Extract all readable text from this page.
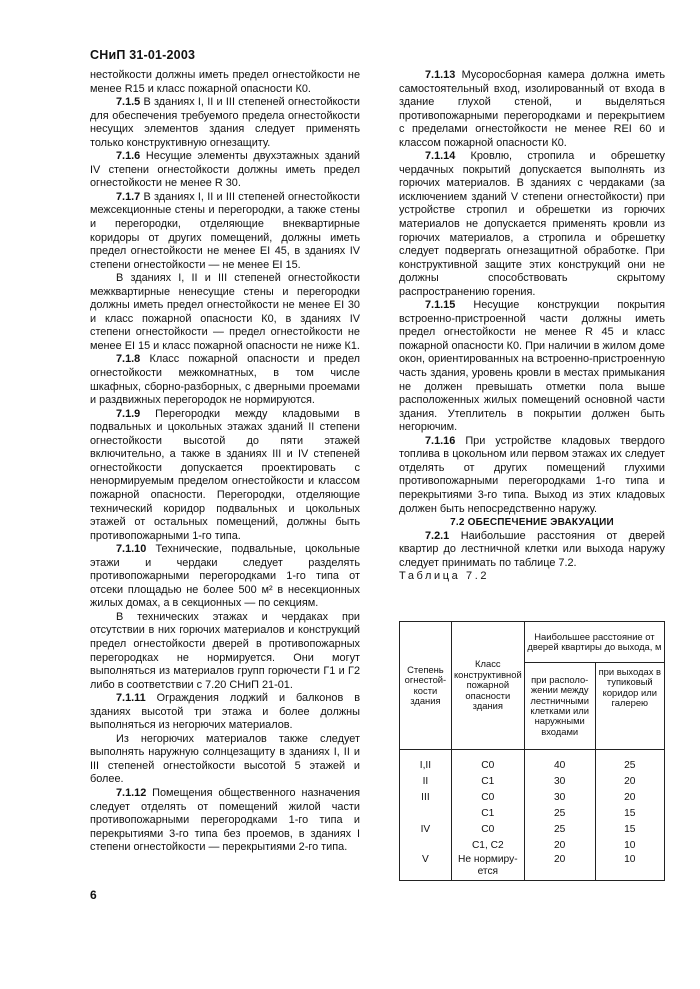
СНиП 31-01-2003

нестойкости должны иметь предел огнестойкости не менее R15 и класс пожарной опасности К0.

7.1.5 В зданиях I, II и III степеней огнестойкости для обеспечения требуемого предела огнестойкости несущих элементов здания следует применять только конструктивную огнезащиту.

7.1.6 Несущие элементы двухэтажных зданий IV степени огнестойкости должны иметь предел огнестойкости не менее R 30.

7.1.7 В зданиях I, II и III степеней огнестойкости межсекционные стены и перегородки, а также стены и перегородки, отделяющие внеквартирные коридоры от других помещений, должны иметь предел огнестойкости не менее EI 45, в зданиях IV степени огнестойкости — не менее EI 15.

В зданиях I, II и III степеней огнестойкости межквартирные ненесущие стены и перегородки должны иметь предел огнестойкости не менее EI 30 и класс пожарной опасности К0, в зданиях IV степени огнестойкости — предел огнестойкости не менее EI 15 и класс пожарной опасности не ниже К1.

7.1.8 Класс пожарной опасности и предел огнестойкости межкомнатных, в том числе шкафных, сборно-разборных, с дверными проемами и раздвижных перегородок не нормируются.

7.1.9 Перегородки между кладовыми в подвальных и цокольных этажах зданий II степени огнестойкости высотой до пяти этажей включительно, а также в зданиях III и IV степеней огнестойкости допускается проектировать с ненормируемым пределом огнестойкости и классом пожарной опасности. Перегородки, отделяющие технический коридор подвальных и цокольных этажей от остальных помещений, должны быть противопожарными 1-го типа.

7.1.10 Технические, подвальные, цокольные этажи и чердаки следует разделять противопожарными перегородками 1-го типа от отсеки площадью не более 500 м² в несекционных жилых домах, а в секционных — по секциям.

В технических этажах и чердаках при отсутствии в них горючих материалов и конструкций предел огнестойкости дверей в противопожарных перегородках не нормируется. Они могут выполняться из материалов групп горючести Г1 и Г2 либо в соответствии с 7.20 СНиП 21-01.

7.1.11 Ограждения лоджий и балконов в зданиях высотой три этажа и более должны выполняться из негорючих материалов.

Из негорючих материалов также следует выполнять наружную солнцезащиту в зданиях I, II и III степеней огнестойкости высотой 5 этажей и более.

7.1.12 Помещения общественного назначения следует отделять от помещений жилой части противопожарными перегородками 1-го типа и перекрытиями 3-го типа без проемов, в зданиях I степени огнестойкости — перекрытиями 2-го типа.

7.1.13 Мусоросборная камера должна иметь самостоятельный вход, изолированный от входа в здание глухой стеной, и выделяться противопожарными перегородками и перекрытием с пределами огнестойкости не менее REI 60 и классом пожарной опасности К0.

7.1.14 Кровлю, стропила и обрешетку чердачных покрытий допускается выполнять из горючих материалов. В зданиях с чердаками (за исключением зданий V степени огнестойкости) при устройстве стропил и обрешетки из горючих материалов не допускается применять кровли из горючих материалов, а стропила и обрешетку следует подвергать огнезащитной обработке. При конструктивной защите этих конструкций они не должны способствовать скрытому распространению горения.

7.1.15 Несущие конструкции покрытия встроенно-пристроенной части должны иметь предел огнестойкости не менее R 45 и класс пожарной опасности К0. При наличии в жилом доме окон, ориентированных на встроенно-пристроенную часть здания, уровень кровли в местах примыкания не должен превышать отметки пола выше расположенных жилых помещений основной части здания. Утеплитель в покрытии должен быть негорючим.

7.1.16 При устройстве кладовых твердого топлива в цокольном или первом этажах их следует отделять от других помещений глухими противопожарными перегородками 1-го типа и перекрытиями 3-го типа. Выход из этих кладовых должен быть непосредственно наружу.

7.2 ОБЕСПЕЧЕНИЕ ЭВАКУАЦИИ

7.2.1 Наибольшие расстояния от дверей квартир до лестничной клетки или выхода наружу следует принимать по таблице 7.2.

Таблица 7.2

Степень огнестой-кости здания	Класс конструктивной пожарной опасности здания	Наибольшее расстояние от дверей квартиры до выхода, м	
		при располо-жении между лестничными клетками или наружными входами	при выходах в тупиковый коридор или галерею
I,II	С0	40	25
II	С1	30	20
III	С0	30	20
	С1	25	15
IV	С0	25	15
	С1, С2	20	10
V	Не нормиру-ется	20	10
6
